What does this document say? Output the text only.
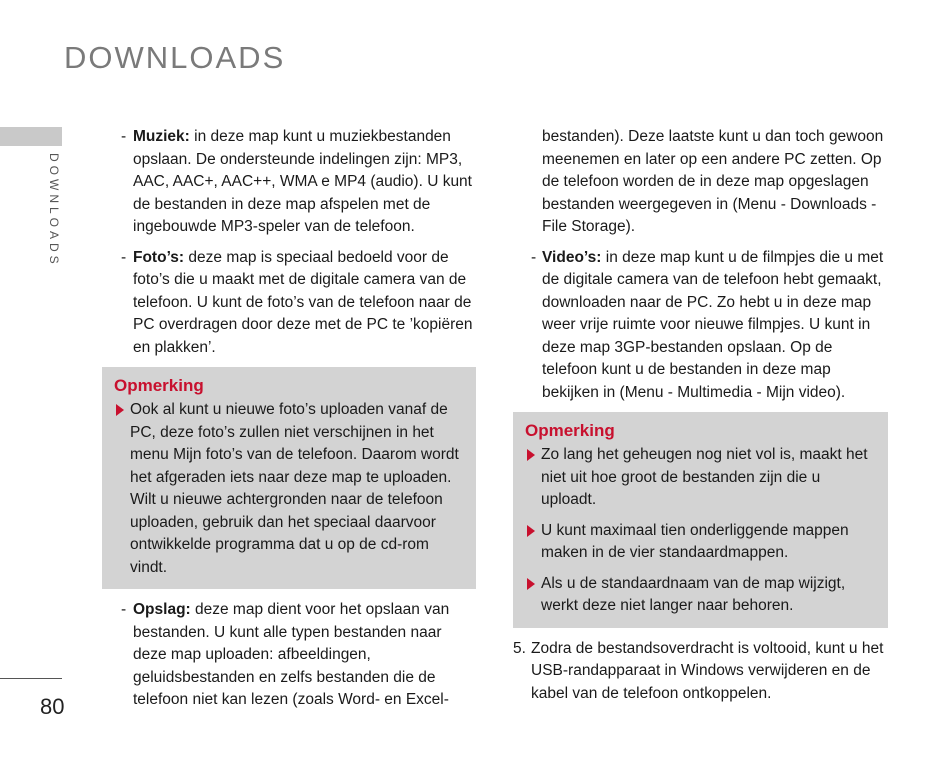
DOWNLOADS
DOWNLOADS
80
- Muziek: in deze map kunt u muziekbestanden opslaan. De ondersteunde indelingen zijn: MP3, AAC, AAC+, AAC++, WMA e MP4 (audio). U kunt de bestanden in deze map afspelen met de ingebouwde MP3-speler van de telefoon.
- Foto’s: deze map is speciaal bedoeld voor de foto’s die u maakt met de digitale camera van de telefoon. U kunt de foto’s van de telefoon naar de PC overdragen door deze met de PC te ’kopiëren en plakken’.
Opmerking
Ook al kunt u nieuwe foto’s uploaden vanaf de PC, deze foto’s zullen niet verschijnen in het menu Mijn foto’s van de telefoon. Daarom wordt het afgeraden iets naar deze map te uploaden. Wilt u nieuwe achtergronden naar de telefoon uploaden, gebruik dan het speciaal daarvoor ontwikkelde programma dat u op de cd-rom vindt.
- Opslag: deze map dient voor het opslaan van bestanden. U kunt alle typen bestanden naar deze map uploaden: afbeeldingen, geluidsbestanden en zelfs bestanden die de telefoon niet kan lezen (zoals Word- en Excel-
bestanden). Deze laatste kunt u dan toch gewoon meenemen en later op een andere PC zetten. Op de telefoon worden de in deze map opgeslagen bestanden weergegeven in (Menu - Downloads - File Storage).
- Video’s: in deze map kunt u de filmpjes die u met de digitale camera van de telefoon hebt gemaakt, downloaden naar de PC. Zo hebt u in deze map weer vrije ruimte voor nieuwe filmpjes. U kunt in deze map 3GP-bestanden opslaan. Op de telefoon kunt u de bestanden in deze map bekijken in (Menu - Multimedia - Mijn video).
Opmerking
Zo lang het geheugen nog niet vol is, maakt het niet uit hoe groot de bestanden zijn die u uploadt.
U kunt maximaal tien onderliggende mappen maken in de vier standaardmappen.
Als u de standaardnaam van de map wijzigt, werkt deze niet langer naar behoren.
5. Zodra de bestandsoverdracht is voltooid, kunt u het USB-randapparaat in Windows verwijderen en de kabel van de telefoon ontkoppelen.
